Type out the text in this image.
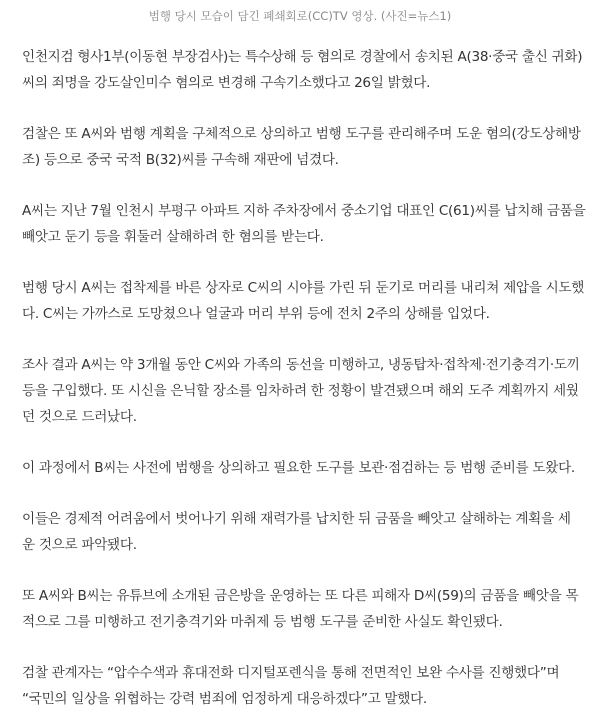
범행 당시 모습이 담긴 폐쇄회로(CC)TV 영상. (사진=뉴스1)

인천지검 형사1부(이동현 부장검사)는 특수상해 등 혐의로 경찰에서 송치된 A(38·중국 출신 귀화)
씨의 죄명을 강도살인미수 혐의로 변경해 구속기소했다고 26일 밝혔다.

검찰은 또 A씨와 범행 계획을 구체적으로 상의하고 범행 도구를 관리해주며 도운 혐의(강도상해방
조) 등으로 중국 국적 B(32)씨를 구속해 재판에 넘겼다.

A씨는 지난 7월 인천시 부평구 아파트 지하 주차장에서 중소기업 대표인 C(61)씨를 납치해 금품을
빼앗고 둔기 등을 휘둘러 살해하려 한 혐의를 받는다.

범행 당시 A씨는 접착제를 바른 상자로 C씨의 시야를 가린 뒤 둔기로 머리를 내리쳐 제압을 시도했
다. C씨는 가까스로 도망쳤으나 얼굴과 머리 부위 등에 전치 2주의 상해를 입었다.

조사 결과 A씨는 약 3개월 동안 C씨와 가족의 동선을 미행하고, 냉동탑차·접착제·전기충격기·도끼
등을 구입했다. 또 시신을 은닉할 장소를 임차하려 한 정황이 발견됐으며 해외 도주 계획까지 세웠
던 것으로 드러났다.

이 과정에서 B씨는 사전에 범행을 상의하고 필요한 도구를 보관·점검하는 등 범행 준비를 도왔다.

이들은 경제적 어려움에서 벗어나기 위해 재력가를 납치한 뒤 금품을 빼앗고 살해하는 계획을 세
운 것으로 파악됐다.

또 A씨와 B씨는 유튜브에 소개된 금은방을 운영하는 또 다른 피해자 D씨(59)의 금품을 빼앗을 목
적으로 그를 미행하고 전기충격기와 마취제 등 범행 도구를 준비한 사실도 확인됐다.

검찰 관계자는 “압수수색과 휴대전화 디지털포렌식을 통해 전면적인 보완 수사를 진행했다”며
“국민의 일상을 위협하는 강력 범죄에 엄정하게 대응하겠다”고 말했다.
